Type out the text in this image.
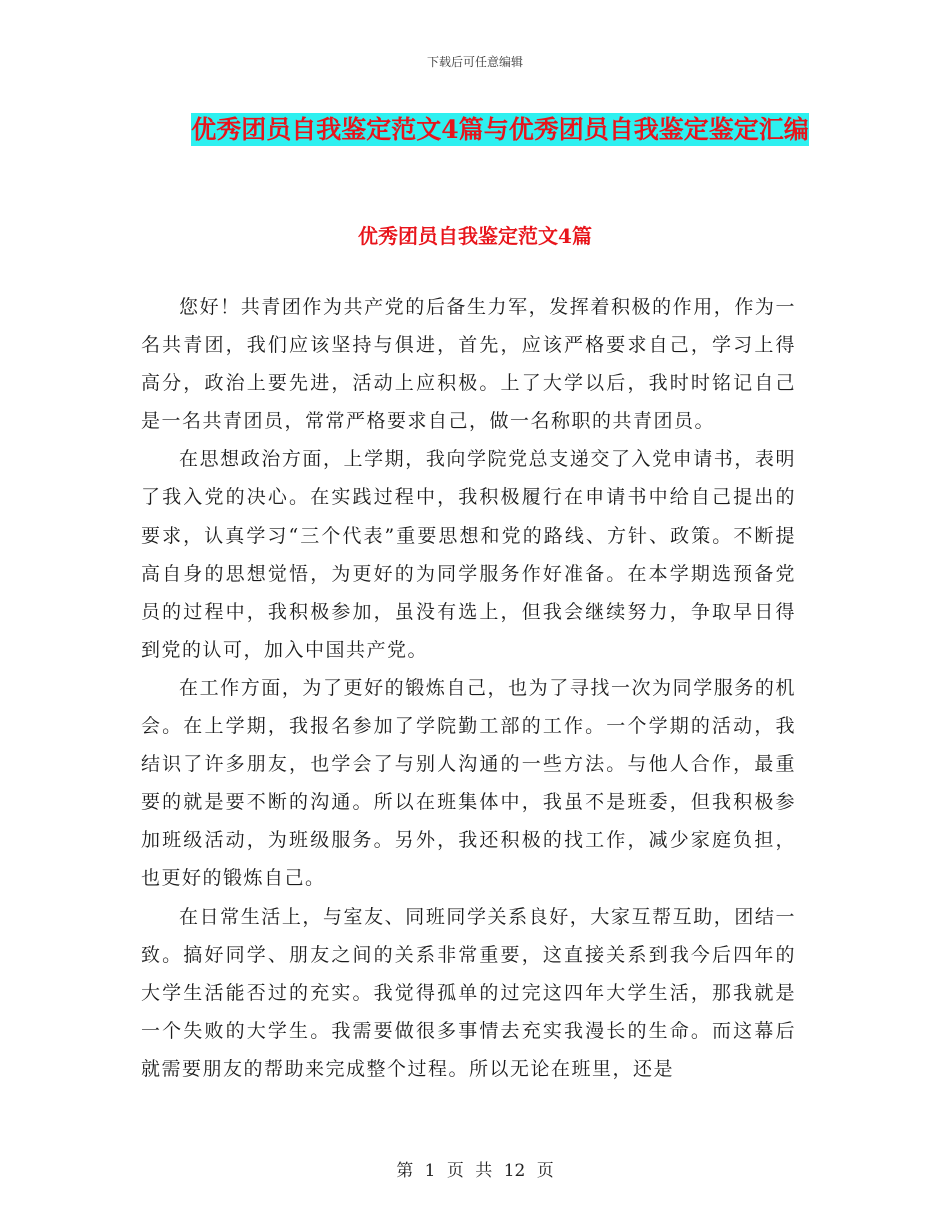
下载后可任意编辑
优秀团员自我鉴定范文4篇与优秀团员自我鉴定鉴定汇编
优秀团员自我鉴定范文4篇

您好！共青团作为共产党的后备生力军，发挥着积极的作用，作为一名共青团，我们应该坚持与俱进，首先，应该严格要求自己，学习上得高分，政治上要先进，活动上应积极。上了大学以后，我时时铭记自己是一名共青团员，常常严格要求自己，做一名称职的共青团员。

在思想政治方面，上学期，我向学院党总支递交了入党申请书，表明了我入党的决心。在实践过程中，我积极履行在申请书中给自己提出的要求，认真学习“三个代表”重要思想和党的路线、方针、政策。不断提高自身的思想觉悟，为更好的为同学服务作好准备。在本学期选预备党员的过程中，我积极参加，虽没有选上，但我会继续努力，争取早日得到党的认可，加入中国共产党。

在工作方面，为了更好的锻炼自己，也为了寻找一次为同学服务的机会。在上学期，我报名参加了学院勤工部的工作。一个学期的活动，我结识了许多朋友，也学会了与别人沟通的一些方法。与他人合作，最重要的就是要不断的沟通。所以在班集体中，我虽不是班委，但我积极参加班级活动，为班级服务。另外，我还积极的找工作，减少家庭负担，也更好的锻炼自己。

在日常生活上，与室友、同班同学关系良好，大家互帮互助，团结一致。搞好同学、朋友之间的关系非常重要，这直接关系到我今后四年的大学生活能否过的充实。我觉得孤单的过完这四年大学生活，那我就是一个失败的大学生。我需要做很多事情去充实我漫长的生命。而这幕后就需要朋友的帮助来完成整个过程。所以无论在班里，还是

第 1 页 共 12 页
